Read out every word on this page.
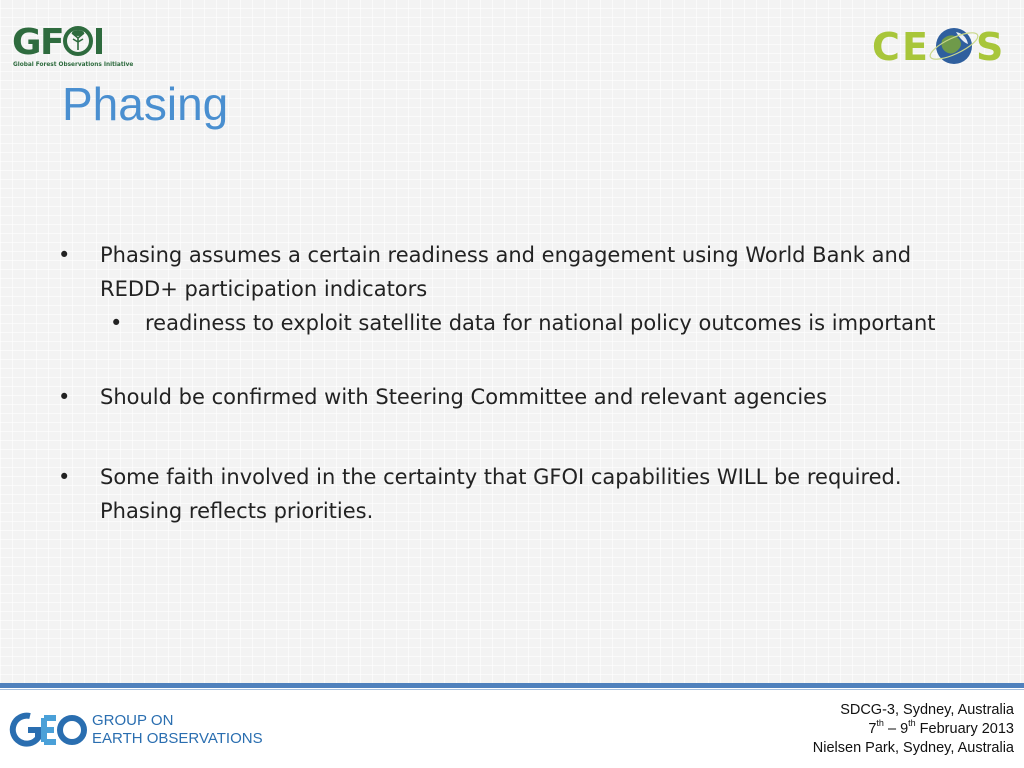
G
F
Global Forest Observations Initiative	C E S
Phasing
•	Phasing assumes a certain readiness and engagement using World Bank and REDD+ participation indicators
•	readiness to exploit satellite data for national policy outcomes is important
•	Should be confirmed with Steering Committee and relevant agencies
•	Some faith involved in the certainty that GFOI capabilities WILL be required. Phasing reflects priorities.
GROUP ON
EARTH OBSERVATIONS
SDCG-3, Sydney, Australia
7th – 9th February 2013
Nielsen Park, Sydney, Australia
